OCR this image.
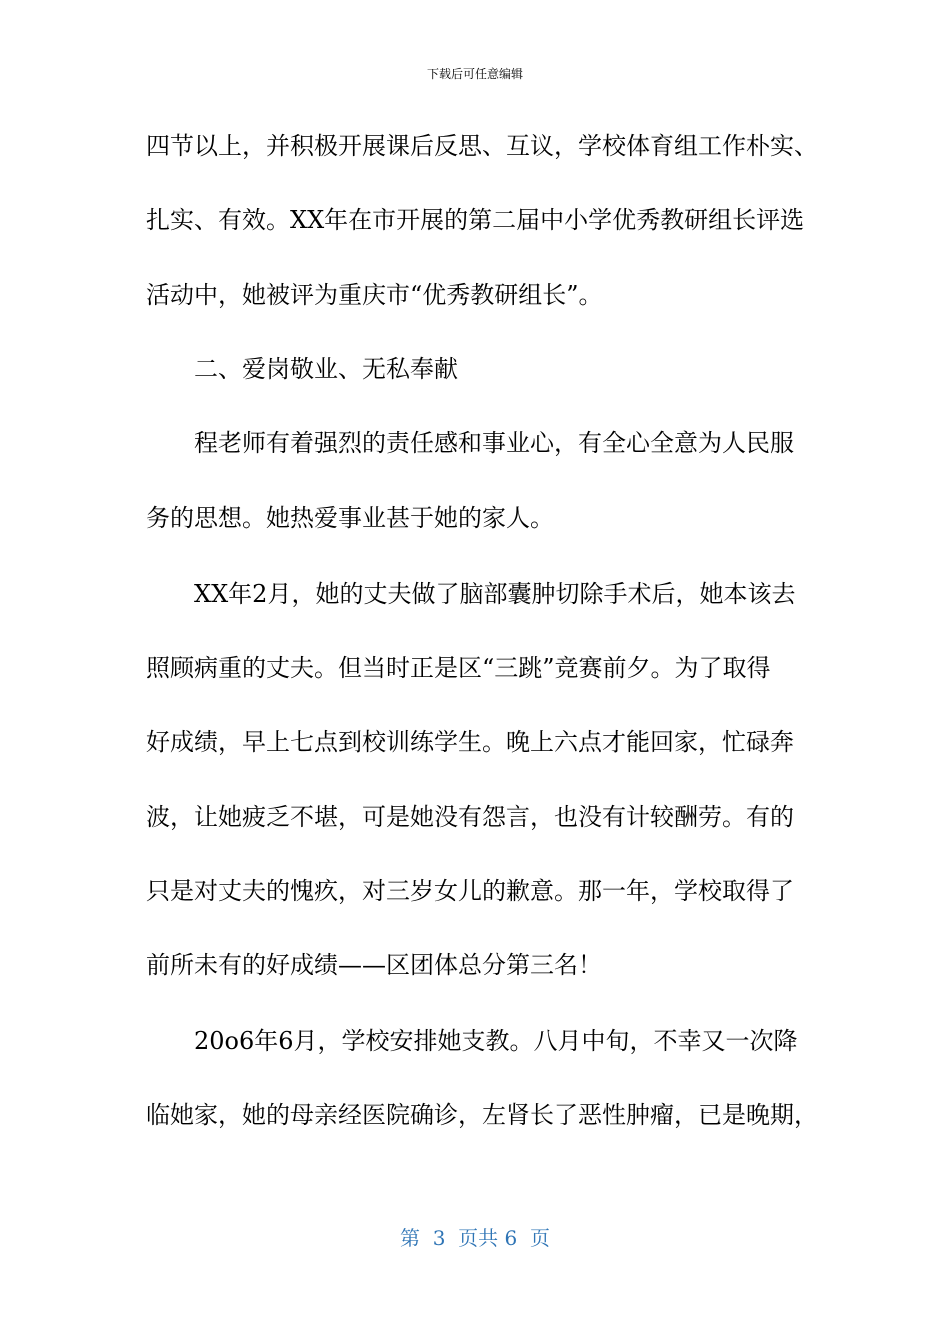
下载后可任意编辑
四节以上，并积极开展课后反思、互议，学校体育组工作朴实、
扎实、有效。XX年在市开展的第二届中小学优秀教研组长评选
活动中，她被评为重庆市“优秀教研组长”。
二、爱岗敬业、无私奉献
程老师有着强烈的责任感和事业心，有全心全意为人民服
务的思想。她热爱事业甚于她的家人。
XX年2月，她的丈夫做了脑部囊肿切除手术后，她本该去
照顾病重的丈夫。但当时正是区“三跳”竞赛前夕。为了取得
好成绩，早上七点到校训练学生。晚上六点才能回家，忙碌奔
波，让她疲乏不堪，可是她没有怨言，也没有计较酬劳。有的
只是对丈夫的愧疚，对三岁女儿的歉意。那一年，学校取得了
前所未有的好成绩——区团体总分第三名！
20o6年6月，学校安排她支教。八月中旬，不幸又一次降
临她家，她的母亲经医院确诊，左肾长了恶性肿瘤，已是晚期，
第  3  页共 6  页
